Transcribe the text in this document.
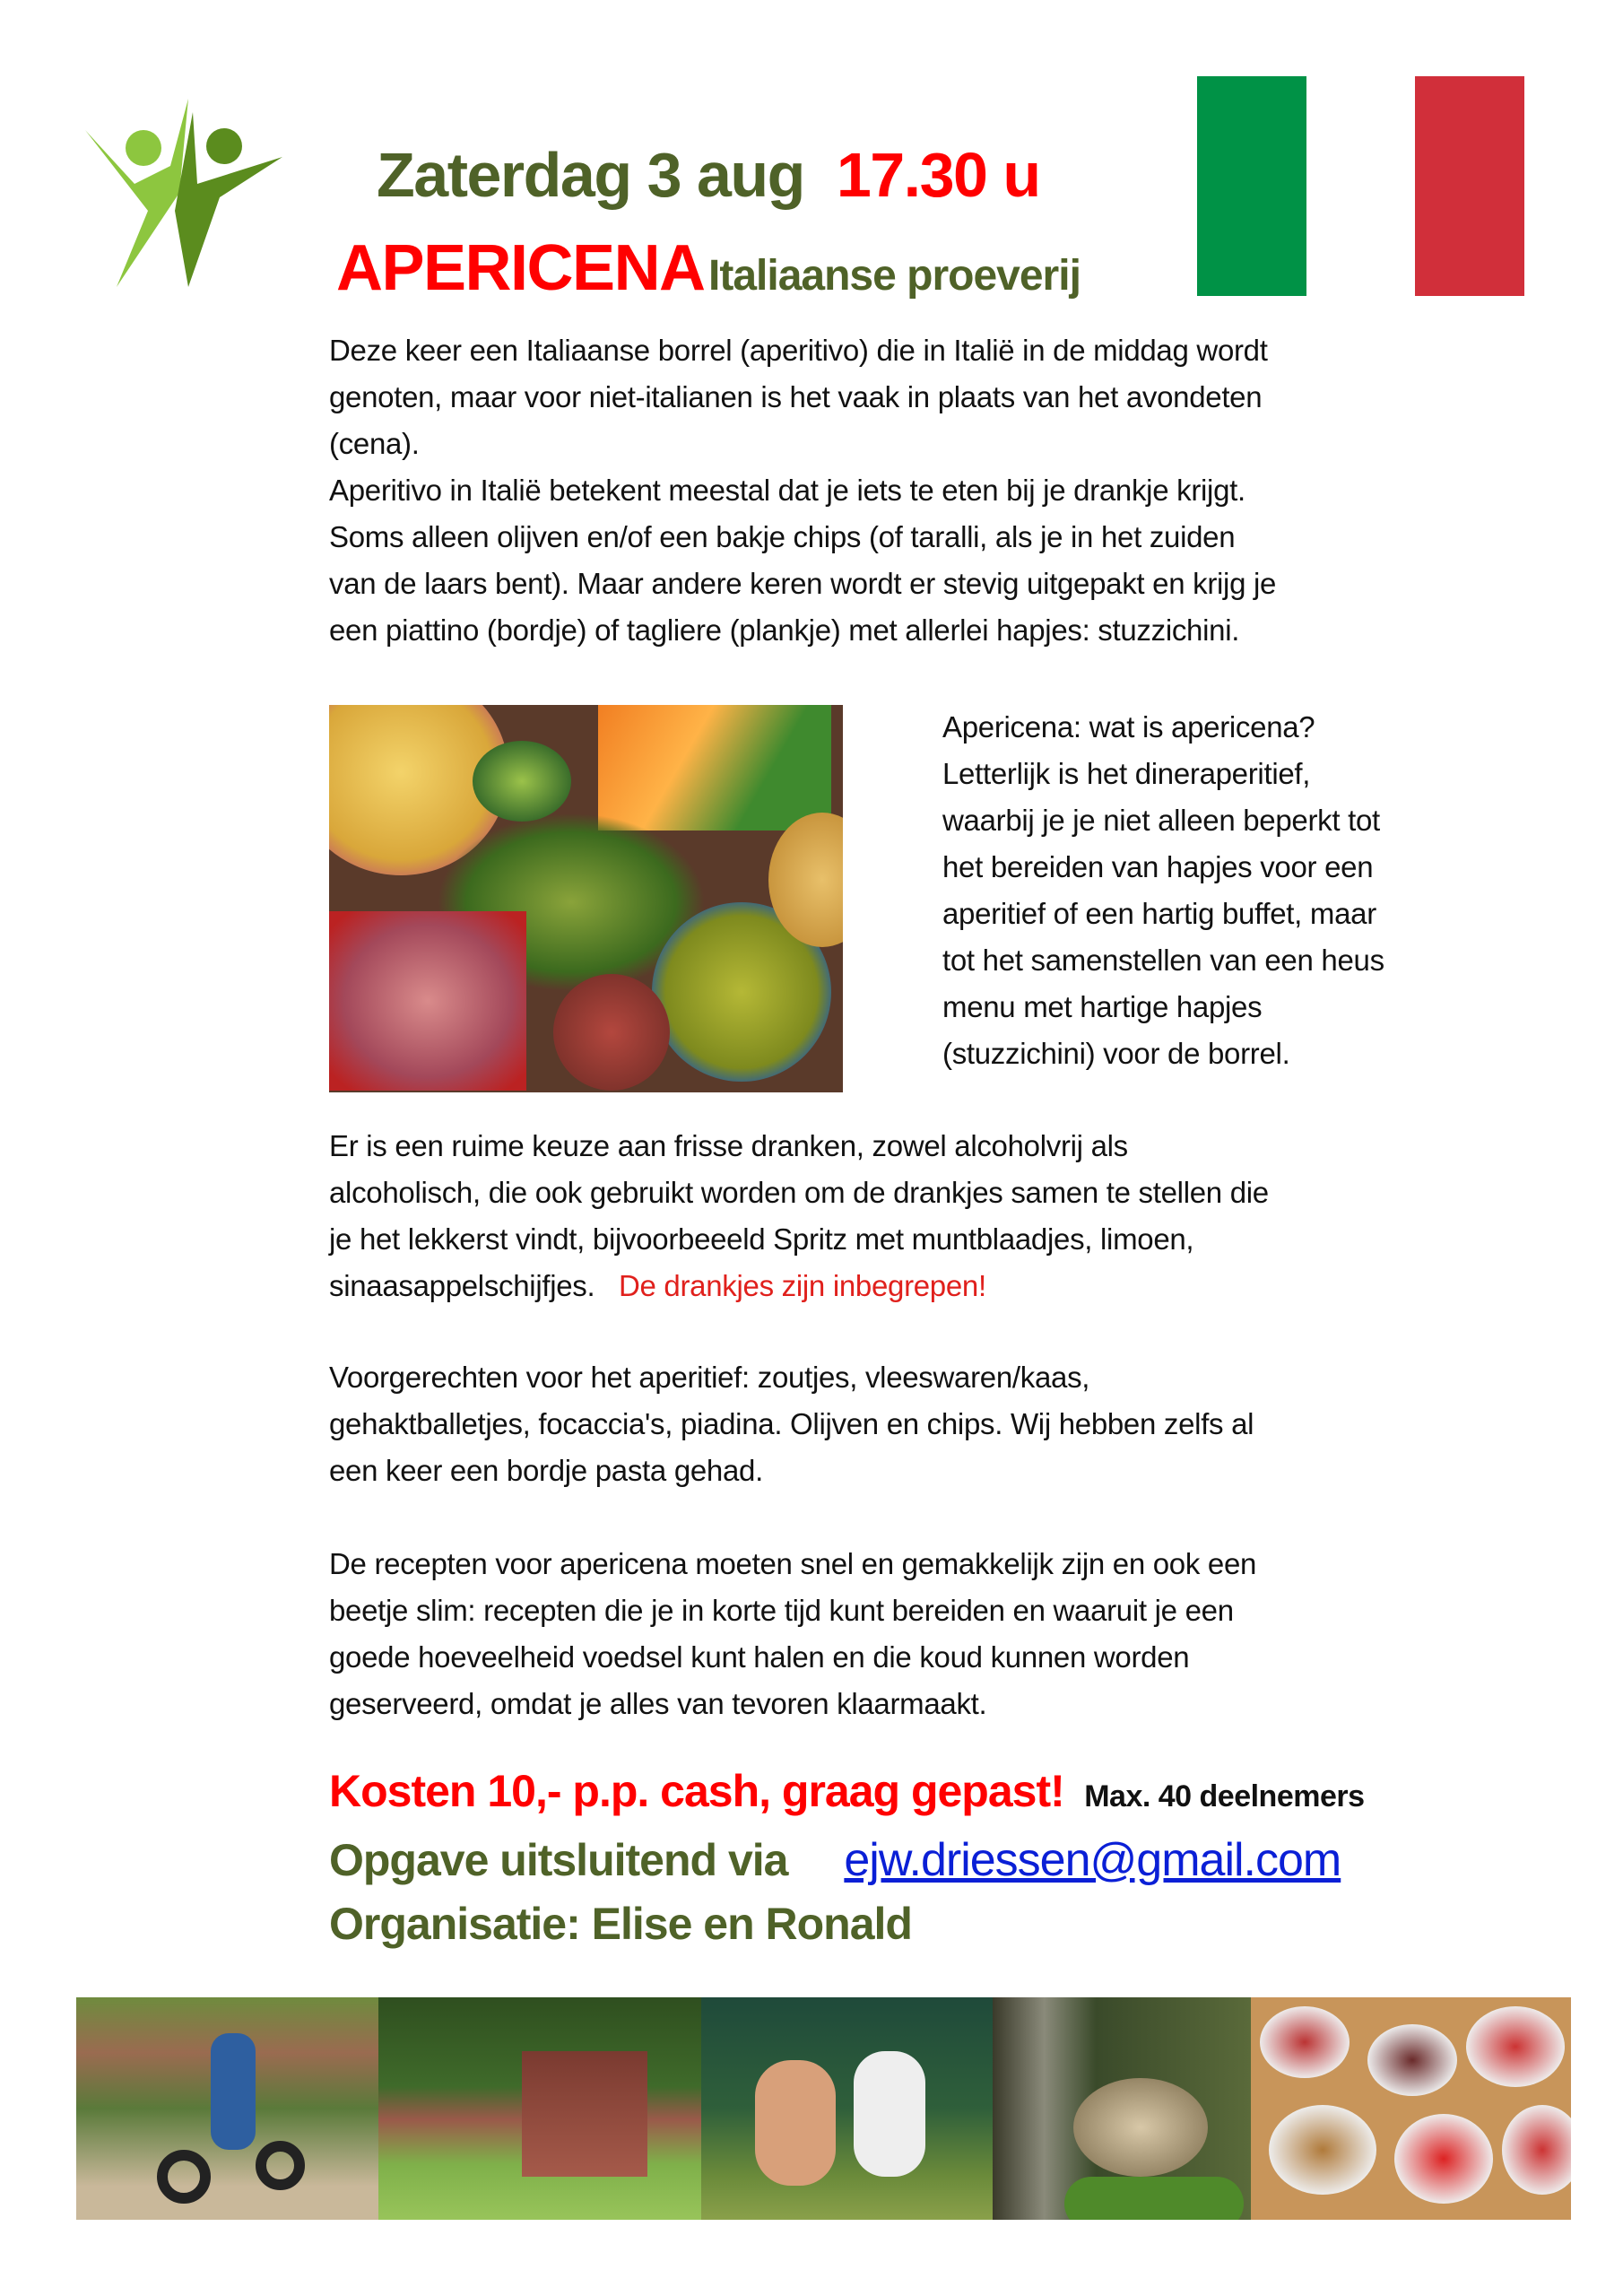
Zaterdag 3 aug 17.30 u
APERICENA Italiaanse proeverij
Deze keer een Italiaanse borrel (aperitivo) die in Italië in de middag wordt
genoten, maar voor niet-italianen is het vaak in plaats van het avondeten
(cena).
Aperitivo in Italië betekent meestal dat je iets te eten bij je drankje krijgt.
Soms alleen olijven en/of een bakje chips (of taralli, als je in het zuiden
van de laars bent). Maar andere keren wordt er stevig uitgepakt en krijg je
een piattino (bordje) of tagliere (plankje) met allerlei hapjes: stuzzichini.
Apericena: wat is apericena?
Letterlijk is het dineraperitief,
waarbij je je niet alleen beperkt tot
het bereiden van hapjes voor een
aperitief of een hartig buffet, maar
tot het samenstellen van een heus
menu met hartige hapjes
(stuzzichini) voor de borrel.
Er is een ruime keuze aan frisse dranken, zowel alcoholvrij als
alcoholisch, die ook gebruikt worden om de drankjes samen te stellen die
je het lekkerst vindt, bijvoorbeeeld Spritz met muntblaadjes, limoen,
sinaasappelschijfjes. De drankjes zijn inbegrepen!
Voorgerechten voor het aperitief: zoutjes, vleeswaren/kaas,
gehaktballetjes, focaccia's, piadina. Olijven en chips. Wij hebben zelfs al
een keer een bordje pasta gehad.
De recepten voor apericena moeten snel en gemakkelijk zijn en ook een
beetje slim: recepten die je in korte tijd kunt bereiden en waaruit je een
goede hoeveelheid voedsel kunt halen en die koud kunnen worden
geserveerd, omdat je alles van tevoren klaarmaakt.
Kosten 10,- p.p. cash, graag gepast! Max. 40 deelnemers
Opgave uitsluitend via ejw.driessen@gmail.com
Organisatie: Elise en Ronald
